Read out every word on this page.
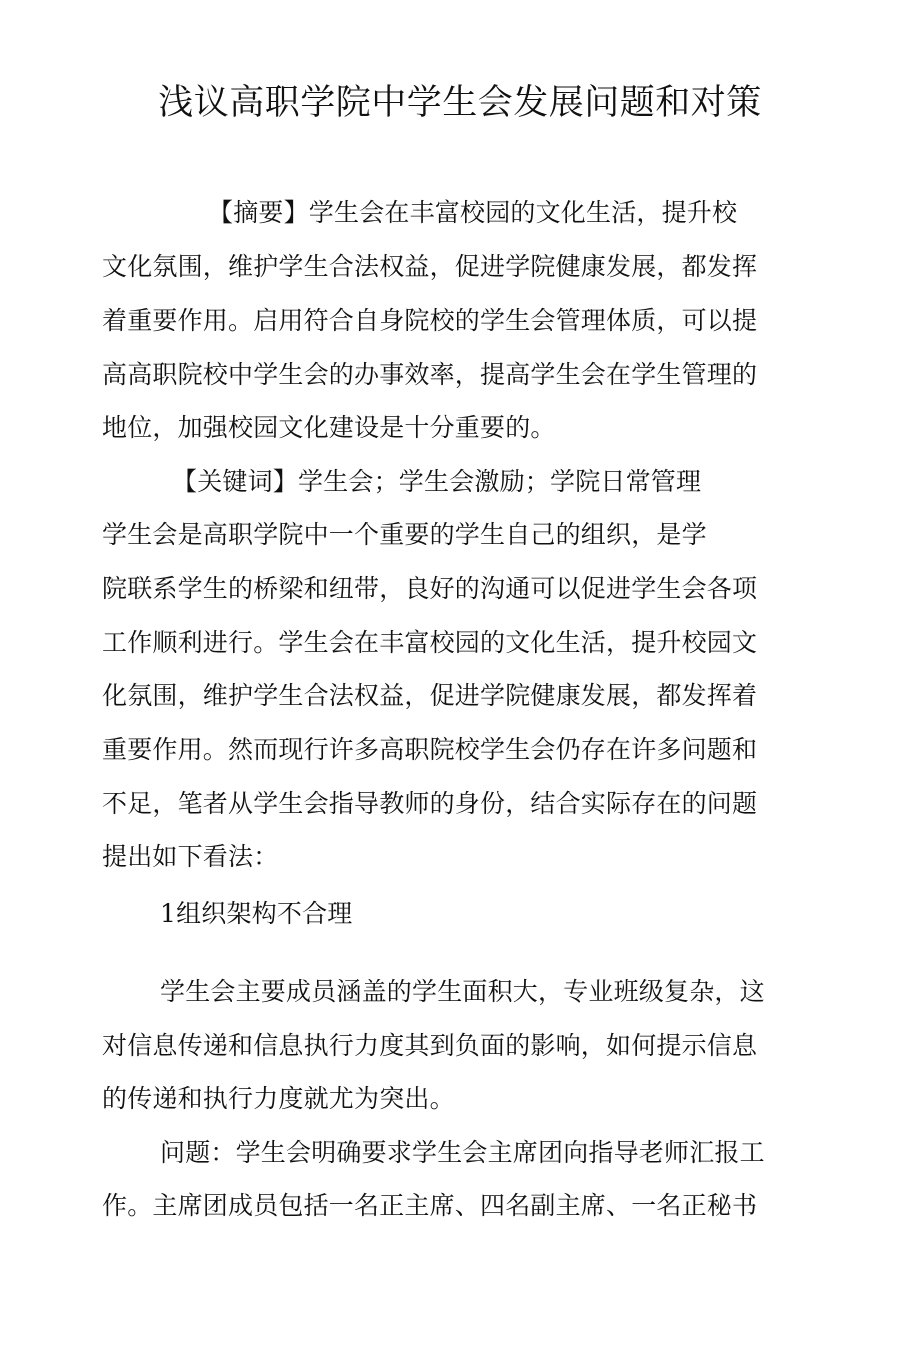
浅议高职学院中学生会发展问题和对策
【摘要】学生会在丰富校园的文化生活，提升校
文化氛围，维护学生合法权益，促进学院健康发展，都发挥
着重要作用。启用符合自身院校的学生会管理体质，可以提
高高职院校中学生会的办事效率，提高学生会在学生管理的
地位，加强校园文化建设是十分重要的。
【关键词】学生会；学生会激励；学院日常管理
学生会是高职学院中一个重要的学生自己的组织，是学
院联系学生的桥梁和纽带，良好的沟通可以促进学生会各项
工作顺利进行。学生会在丰富校园的文化生活，提升校园文
化氛围，维护学生合法权益，促进学院健康发展，都发挥着
重要作用。然而现行许多高职院校学生会仍存在许多问题和
不足，笔者从学生会指导教师的身份，结合实际存在的问题
提出如下看法：
1组织架构不合理
学生会主要成员涵盖的学生面积大，专业班级复杂，这
对信息传递和信息执行力度其到负面的影响，如何提示信息
的传递和执行力度就尤为突出。
问题：学生会明确要求学生会主席团向指导老师汇报工
作。主席团成员包括一名正主席、四名副主席、一名正秘书
